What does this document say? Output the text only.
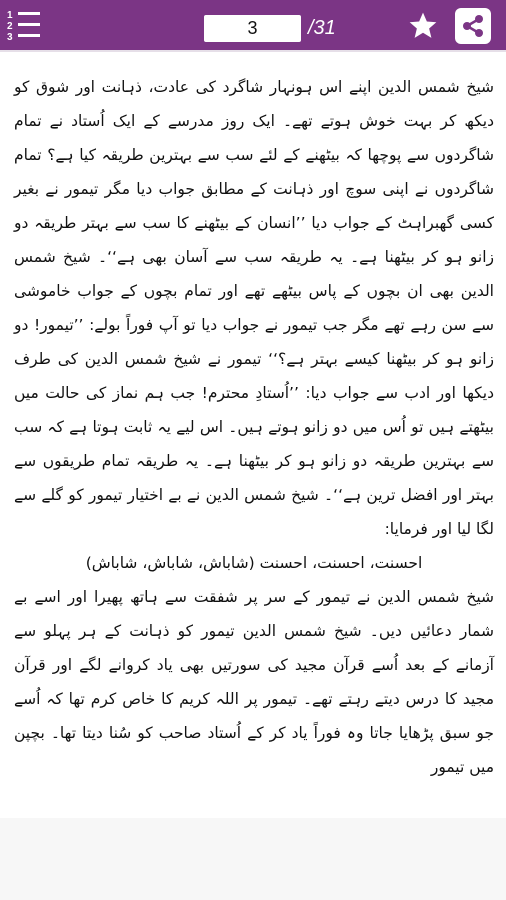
1
2
3	3	/31

شیخ شمس الدین اپنے اس ہونہار شاگرد کی عادت، ذہانت اور شوق کو دیکھ کر بہت خوش ہوتے تھے۔ ایک روز مدرسے کے ایک اُستاد نے تمام شاگردوں سے پوچھا کہ بیٹھنے کے لئے سب سے بہترین طریقہ کیا ہے؟ تمام شاگردوں نے اپنی سوچ اور ذہانت کے مطابق جواب دیا مگر تیمور نے بغیر کسی گھبراہٹ کے جواب دیا ’’انسان کے بیٹھنے کا سب سے بہتر طریقہ دو زانو ہو کر بیٹھنا ہے۔ یہ طریقہ سب سے آسان بھی ہے‘‘۔ شیخ شمس الدین بھی ان بچوں کے پاس بیٹھے تھے اور تمام بچوں کے جواب خاموشی سے سن رہے تھے مگر جب تیمور نے جواب دیا تو آپ فوراً بولے: ’’تیمور! دو زانو ہو کر بیٹھنا کیسے بہتر ہے؟‘‘ تیمور نے شیخ شمس الدین کی طرف دیکھا اور ادب سے جواب دیا: ’’اُستادِ محترم! جب ہم نماز کی حالت میں بیٹھتے ہیں تو اُس میں دو زانو ہوتے ہیں۔ اس لیے یہ ثابت ہوتا ہے کہ سب سے بہترین طریقہ دو زانو ہو کر بیٹھنا ہے۔ یہ طریقہ تمام طریقوں سے بہتر اور افضل ترین ہے‘‘۔ شیخ شمس الدین نے بے اختیار تیمور کو گلے سے لگا لیا اور فرمایا:

احسنت، احسنت، احسنت (شاباش، شاباش، شاباش)

شیخ شمس الدین نے تیمور کے سر پر شفقت سے ہاتھ پھیرا اور اسے بے شمار دعائیں دیں۔ شیخ شمس الدین تیمور کو ذہانت کے ہر پہلو سے آزمانے کے بعد اُسے قرآن مجید کی سورتیں بھی یاد کروانے لگے اور قرآن مجید کا درس دیتے رہتے تھے۔ تیمور پر اللہ کریم کا خاص کرم تھا کہ اُسے جو سبق پڑھایا جاتا وہ فوراً یاد کر کے اُستاد صاحب کو سُنا دیتا تھا۔ بچپن میں تیمور
